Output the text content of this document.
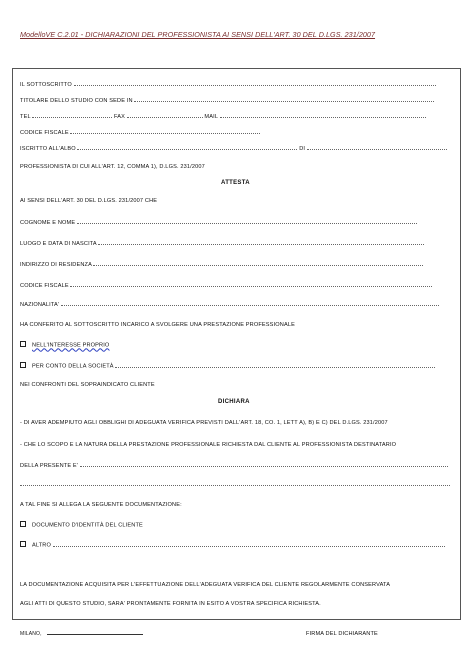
ModelloVE C.2.01 - DICHIARAZIONI DEL PROFESSIONISTA AI SENSI DELL'ART. 30 DEL D.LGS. 231/2007
IL SOTTOSCRITTO
TITOLARE DELLO STUDIO CON SEDE IN
TEL	FAX	MAIL
CODICE FISCALE
ISCRITTO ALL'ALBO	DI
PROFESSIONISTA DI CUI ALL'ART. 12, COMMA 1), D.LGS. 231/2007
ATTESTA
AI SENSI DELL'ART. 30 DEL D.LGS. 231/2007 CHE
COGNOME E NOME
LUOGO E DATA DI NASCITA
INDIRIZZO DI RESIDENZA
CODICE FISCALE
NAZIONALITA'
HA CONFERITO AL SOTTOSCRITTO INCARICO A SVOLGERE UNA PRESTAZIONE PROFESSIONALE
NELL'INTERESSE PROPRIO
PER CONTO DELLA SOCIETÀ
NEI CONFRONTI DEL SOPRAINDICATO CLIENTE
DICHIARA
- DI AVER ADEMPIUTO AGLI OBBLIGHI DI ADEGUATA VERIFICA PREVISTI DALL'ART. 18, CO. 1, LETT A), B) E C) DEL D.LGS. 231/2007
- CHE LO SCOPO E LA NATURA DELLA PRESTAZIONE PROFESSIONALE RICHIESTA DAL CLIENTE AL PROFESSIONISTA DESTINATARIO
DELLA PRESENTE E'
A TAL FINE SI ALLEGA LA SEGUENTE DOCUMENTAZIONE:
DOCUMENTO D'IDENTITÀ DEL CLIENTE
ALTRO
LA DOCUMENTAZIONE ACQUISITA PER L'EFFETTUAZIONE DELL'ADEGUATA VERIFICA DEL CLIENTE REGOLARMENTE CONSERVATA
AGLI ATTI DI QUESTO STUDIO, SARA' PRONTAMENTE FORNITA IN ESITO A VOSTRA SPECIFICA RICHIESTA.
MILANO,	FIRMA DEL DICHIARANTE
